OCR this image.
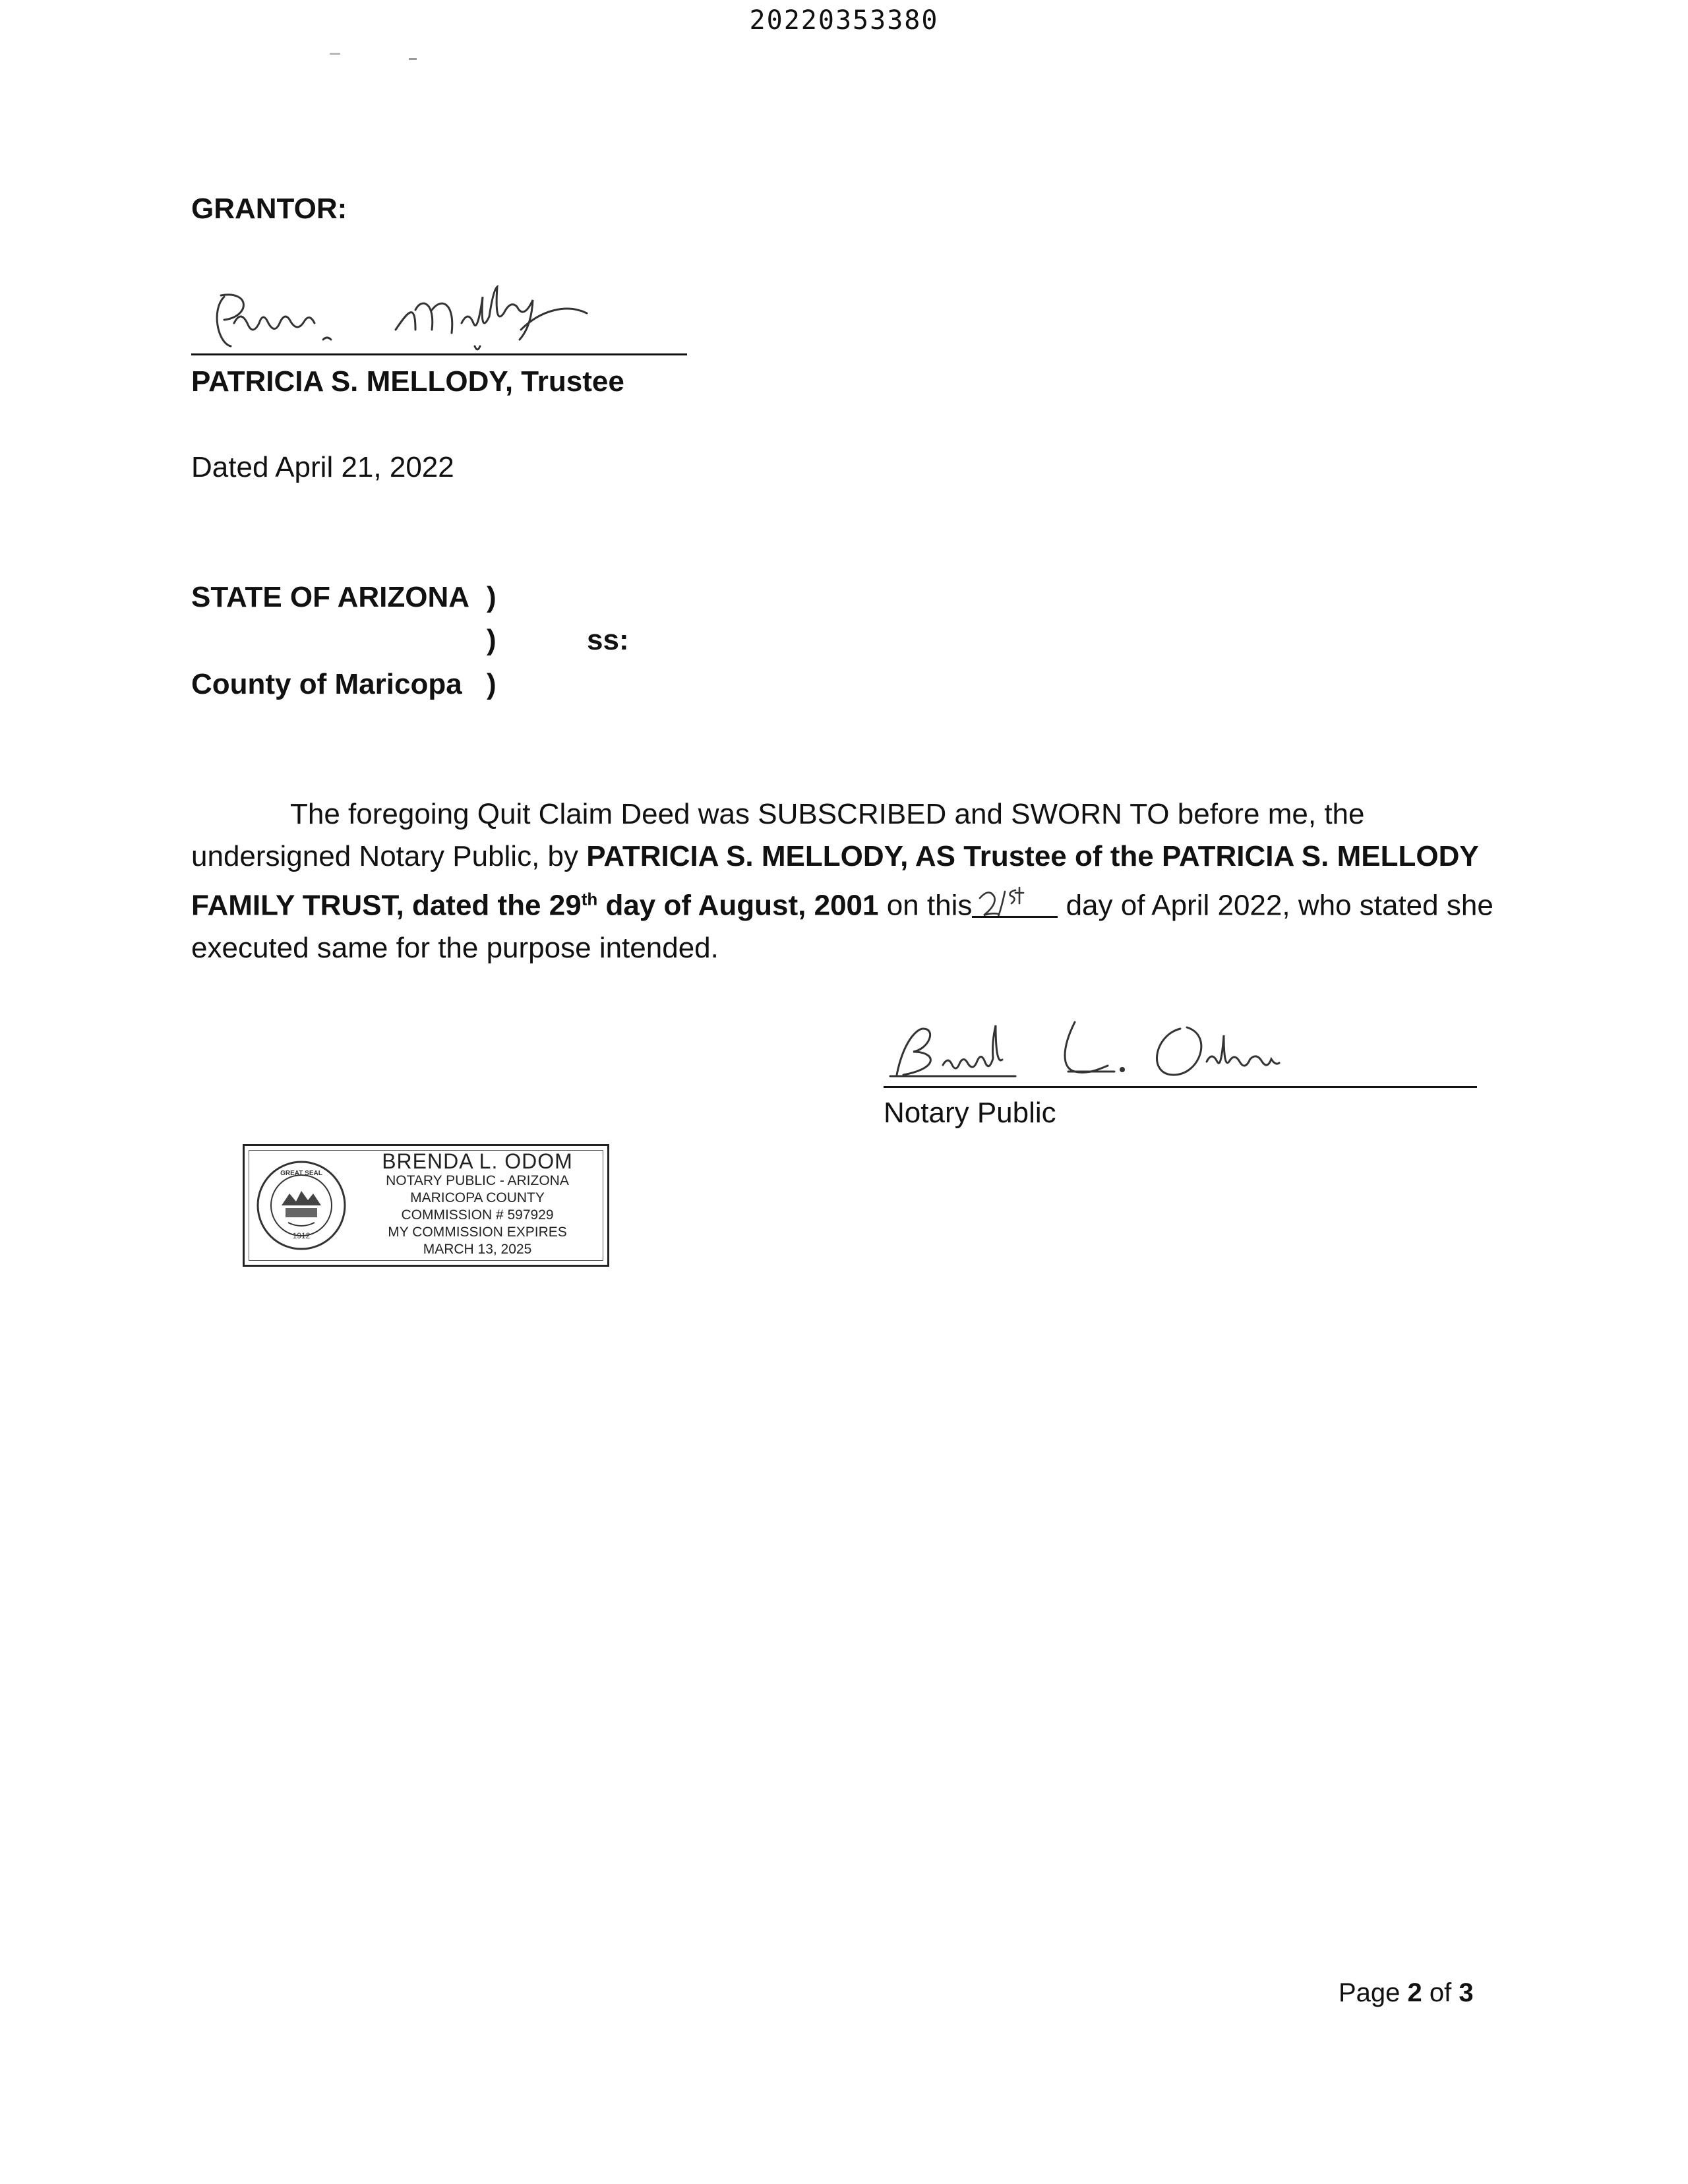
20220353380
GRANTOR:
PATRICIA S. MELLODY, Trustee
Dated April 21, 2022
STATE OF ARIZONA )
)	ss:
County of Maricopa )
The foregoing Quit Claim Deed was SUBSCRIBED and SWORN TO before me, the undersigned Notary Public, by PATRICIA S. MELLODY, AS Trustee of the PATRICIA S. MELLODY FAMILY TRUST, dated the 29th day of August, 2001 on this	day of April 2022, who stated she executed same for the purpose intended.
Notary Public
1912
GREAT SEAL
BRENDA L. ODOM
NOTARY PUBLIC - ARIZONA
MARICOPA COUNTY
COMMISSION # 597929
MY COMMISSION EXPIRES
MARCH 13, 2025
Page 2 of 3
